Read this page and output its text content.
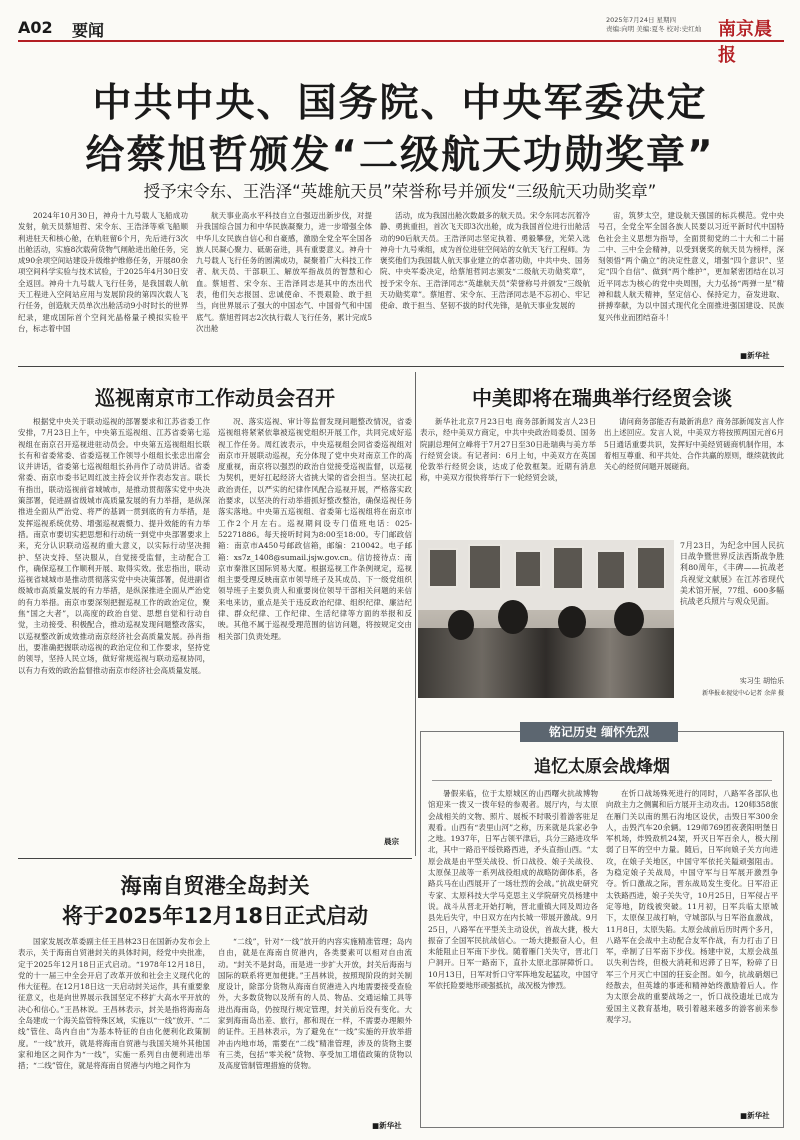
A02 要闻
2025年7月24日 星期四
责编:向明 美编:夏冬 校对:史红灿 南京晨报
中共中央、国务院、中央军委决定
给蔡旭哲颁发“二级航天功勋奖章”
授予宋令东、王浩泽“英雄航天员”荣誉称号并颁发“三级航天功勋奖章”

2024年10月30日，神舟十九号载人飞船成功发射，航天员蔡旭哲、宋令东、王浩泽等乘飞船顺利进驻天和核心舱，在轨驻留6个月，先后进行3次出舱活动，实施8次载荷货物气闸舱进出舱任务，完成90余项空间站建设升级维护维修任务，开展80余项空间科学实验与技术试验，于2025年4月30日安全返回。神舟十九号载人飞行任务，是我国载人航天工程进入空间站应用与发展阶段的第四次载人飞行任务，创造航天员单次出舱活动9小时时长的世界纪录，建成国际首个空间光晶格量子模拟实验平台，标志着中国

航天事业高水平科技自立自强迈出新步伐，对提升我国综合国力和中华民族凝聚力，进一步增强全体中华儿女民族自信心和自豪感，激励全党全军全国各族人民凝心聚力、砥砺奋进，具有重要意义。神舟十九号载人飞行任务的圆满成功，凝聚着广大科技工作者、航天员、干部职工、解放军指战员的智慧和心血。蔡旭哲、宋令东、王浩泽同志是其中的杰出代表，他们矢志报国、忠诚使命、不畏艰险、敢于担当，向世界展示了强大的中国态气、中国骨气和中国底气。蔡旭哲同志2次执行载人飞行任务，累计完成5次出舱

活动，成为我国出舱次数最多的航天员。宋令东同志沉着冷静、勇挑重担，首次飞天即3次出舱，成为我国首位进行出舱活动的90后航天员。王浩泽同志坚定执着、勇毅攀登，光荣入选神舟十九号乘组，成为首位进驻空间站的女航天飞行工程师。为褒奖他们为我国载人航天事业建立的卓著功勋，中共中央、国务院、中央军委决定，给蔡旭哲同志颁发“二级航天功勋奖章”，授予宋令东、王浩泽同志“英雄航天员”荣誉称号并颁发“三级航天功勋奖章”。蔡旭哲、宋令东、王浩泽同志是不忘初心、牢记使命、敢于担当、坚韧不拔的时代先锋，是航天事业发展的

宙，筑梦太空，建设航天强国的标兵模范。党中央号召，全党全军全国各族人民要以习近平新时代中国特色社会主义思想为指导，全面贯彻党的二十大和二十届二中、三中全会精神，以受到褒奖的航天员为榜样，深刻领悟“两个确立”的决定性意义，增强“四个意识”、坚定“四个自信”、做到“两个维护”，更加紧密团结在以习近平同志为核心的党中央周围，大力弘扬“两弹一星”精神和载人航天精神，坚定信心、保持定力，奋发进取、拼搏奉献，为以中国式现代化全面推进强国建设、民族复兴伟业而团结奋斗！

■新华社
巡视南京市工作动员会召开

根据党中央关于联动巡视的部署要求和江苏省委工作安排，7月23日上午，中央第五巡视组、江苏省委第七巡视组在南京召开巡视进驻动员会。中央第五巡视组组长联长有和省委常委、省委巡视工作领导小组组长张忠出席会议并讲话，省委第七巡视组组长孙肖作了动员讲话。省委常委、南京市委书记周红波主持会议并作表态发言。联长有指出，联动巡视前省城城市，是推动贯彻落实党中央决策部署，促进副省级城市高质量发展的有力举措，是纵深推进全面从严治党、将严的基调一贯到底的有力举措，是发挥巡视系统优势、增强巡视震慑力、提升效能的有力举措。南京市要切实把思想和行动统一到党中央部署要求上来，充分认识联动巡视的重大意义，以实际行动坚决拥护、坚决支持、坚决服从，自觉接受监督，主动配合工作，确保巡视工作顺利开展、取得实效。张忠指出，联动巡视省城城市是推动贯彻落实党中央决策部署，促进副省级城市高质量发展的有力举措，是纵深推进全面从严治党的有力举措。南京市要深刻把握巡视工作的政治定位，聚焦“国之大者”，以高度的政治自觉、思想自觉和行动自觉，主动接受、积极配合，推动巡视发现问题整改落实，以巡视整改新成效推动南京经济社会高质量发展。孙肖指出，要准确把握联动巡视的政治定位和工作要求，坚持党的领导，坚持人民立场，做好常规巡视与联动巡视协同，以有力有效的政治监督推动南京市经济社会高质量发展。

况、落实巡视、审计等监督发现问题整改情况，省委巡视组将紧紧依靠被巡视党组织开展工作，共同完成好巡视工作任务。周红波表示，中央巡视组会同省委巡视组对南京市开展联动巡视，充分体现了党中央对南京工作的高度重视，南京将以强烈的政治自觉接受巡视监督，以巡视为契机，更好扛起经济大省挑大梁的省会担当。坚决扛起政治责任，以严实的纪律作风配合巡视开展，严格落实政治要求，以坚决的行动举措抓好整改整治，确保巡视任务落实落地。中央第五巡视组、省委第七巡视组将在南京市工作2个月左右。巡视期间设专门值班电话：025-52271886。每天接听时间为8:00至18:00。专门邮政信箱：南京市A450号邮政信箱，邮编：210042。电子邮箱：xs7z_1408@sumail.jsjw.gov.cn。信访接待点：南京市秦淮区国际贸易大厦。根据巡视工作条例规定，巡视组主要受理反映南京市领导班子及其成员、下一级党组织领导班子主要负责人和重要岗位领导干部相关问题的来信来电来访，重点是关于违反政治纪律、组织纪律、廉洁纪律、群众纪律、工作纪律、生活纪律等方面的举报和反映。其他不属于巡视受理范围的信访问题，将按规定交由相关部门负责处理。

晨宗
中美即将在瑞典举行经贸会谈

新华社北京7月23日电 商务部新闻发言人23日表示，经中美双方商定，中共中央政治局委员、国务院副总理何立峰将于7月27日至30日赴瑞典与美方举行经贸会谈。有记者问：6月上旬，中美双方在英国伦敦举行经贸会谈，达成了伦敦框架。近期有消息称，中美双方很快将举行下一轮经贸会谈，

请问商务部能否有最新消息？商务部新闻发言人作出上述回应。发言人说，中美双方将按照两国元首6月5日通话重要共识，发挥好中美经贸磋商机制作用，本着相互尊重、和平共处、合作共赢的原则，继续就彼此关心的经贸问题开展磋商。

7月23日，为纪念中国人民抗日战争暨世界反法西斯战争胜利80周年，《丰碑——抗战老兵视觉文献展》在江苏省现代美术馆开展，77组、600多幅抗战老兵照片与观众见面。
实习生 胡怡乐
新华报业视觉中心记者 余萍 摄
铭记历史 缅怀先烈
追忆太原会战烽烟

暑假来临，位于太原城区的山西曙火抗战博物馆迎来一拨又一拨年轻的参观者。展厅内，与太原会战相关的文物、照片、展板不时吸引着游客驻足观看。山西有“表里山河”之称，历来就是兵家必争之地。1937年，日军占领平津后，兵分三路进攻华北，其中一路沿平绥铁路西进，矛头直指山西。“太原会战是由平型关战役、忻口战役、娘子关战役、太原保卫战等一系列战役组成的战略防御体系，各路兵马在山西展开了一场壮烈的会战。”抗战史研究专家、太原科技大学马克思主义学院研究员杨建中说。战斗从晋北开始打响，晋北重镇大同及周边各县先后失守，中日双方在内长城一带展开激战。9月25日，八路军在平型关主动设伏，首战大捷，极大振奋了全国军民抗战信心。一场大捷振奋人心，但未能阻止日军南下步伐。随着雁门关失守，晋北门户洞开。日军一路南下，直扑太原北部屏障忻口。10月13日，日军对忻口守军阵地发起猛攻，中国守军依托险要地形顽强抵抗，战况极为惨烈。

在忻口战场殊死进行的同时，八路军各部队也向敌主力之侧翼和后方展开主动攻击。120师358旅在雁门关以南的黑石沟地区设伏，击毁日军300余人，击毁汽车20余辆。129师769团夜袭阳明堡日军机场，炸毁敌机24架，歼灭日军百余人，极大削弱了日军的空中力量。随后，日军向娘子关方向进攻，在娘子关地区，中国守军依托关隘顽强阻击。为稳定娘子关战局，中国守军与日军展开激烈争夺。忻口激战之际，晋东战局发生变化。日军沿正太铁路西进，娘子关失守，10月25日，日军侵占平定等地，防线被突破。11月初，日军兵临太原城下，太原保卫战打响，守城部队与日军浴血激战，11月8日，太原失陷。太原会战前后历时两个多月，八路军在会战中主动配合友军作战，有力打击了日军，牵制了日军南下步伐。杨建中说，太原会战虽以失利告终，但极大消耗和迟滞了日军，粉碎了日军三个月灭亡中国的狂妄企图。如今，抗战硝烟已经散去，但英雄的事迹和精神始终激励着后人。作为太原会战的重要战场之一，忻口战役遗址已成为爱国主义教育基地，吸引着越来越多的游客前来参观学习。

■新华社
海南自贸港全岛封关
将于2025年12月18日正式启动

国家发展改革委副主任王昌林23日在国新办发布会上表示，关于海南自贸港封关的具体时间，经党中央批准，定于2025年12月18日正式启动。“1978年12月18日，党的十一届三中全会开启了改革开放和社会主义现代化的伟大征程。在12月18日这一天启动封关运作，具有重要象征意义，也是向世界展示我国坚定不移扩大高水平开放的决心和信心。”王昌林说。王昌林表示，封关是指将海南岛全岛建成一个海关监管特殊区域，实施以“一线”放开、“二线”管住、岛内自由”为基本特征的自由化便利化政策制度。“一线”放开，就是将海南自贸港与我国关境外其他国家和地区之间作为“一线”，实施一系列自由便利进出举措；“二线”管住，就是将海南自贸港与内地之间作为

“二线”，针对“一线”放开的内容实施精准管理；岛内自由，就是在海南自贸港内，各类要素可以相对自由流动。“封关不是封岛，而是进一步扩大开放，封关后海南与国际的联系将更加便捷。”王昌林说，按照现阶段的封关制度设计，除部分货物从海南自贸港进入内地需要接受查验外，大多数货物以及所有的人员、物品、交通运输工具等进出海南岛，仍按现行规定管理，封关前后没有变化。大家到海南岛出差、旅行，都和现在一样，不需要办理额外的证件。王昌林表示，为了避免在“一线”实施的开放举措冲击内地市场，需要在“二线”精准管理，涉及的货物主要有三类，包括“零关税”货物、享受加工增值政策的货物以及高度管制管理措施的货物。

■新华社
